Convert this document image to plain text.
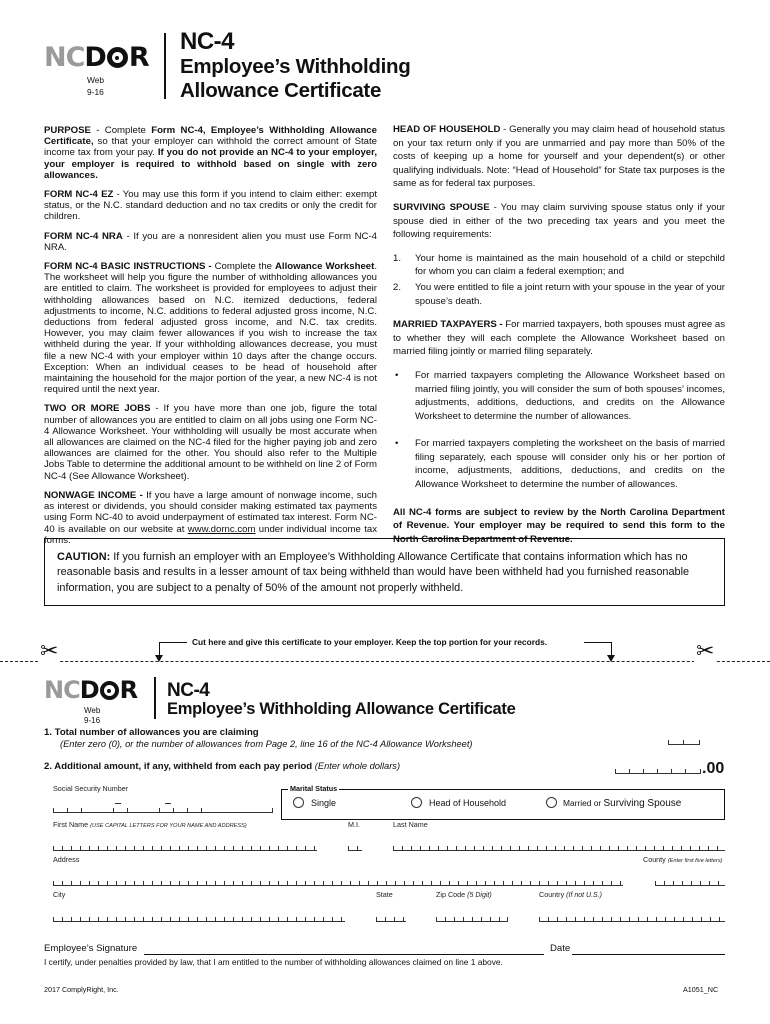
NCD R
Web
9-16
NC-4
Employee’s Withholding
Allowance Certificate

PURPOSE - Complete Form NC-4, Employee’s Withholding Allowance Certificate, so that your employer can withhold the correct amount of State income tax from your pay. If you do not provide an NC-4 to your employer, your employer is required to withhold based on single with zero allowances.

FORM NC-4 EZ - You may use this form if you intend to claim either: exempt status, or the N.C. standard deduction and no tax credits or only the credit for children.

FORM NC-4 NRA - If you are a nonresident alien you must use Form NC-4 NRA.

FORM NC-4 BASIC INSTRUCTIONS - Complete the Allowance Worksheet. The worksheet will help you figure the number of withholding allowances you are entitled to claim. The worksheet is provided for employees to adjust their withholding allowances based on N.C. itemized deductions, federal adjustments to income, N.C. additions to federal adjusted gross income, N.C. deductions from federal adjusted gross income, and N.C. tax credits. However, you may claim fewer allowances if you wish to increase the tax withheld during the year. If your withholding allowances decrease, you must file a new NC-4 with your employer within 10 days after the change occurs. Exception: When an individual ceases to be head of household after maintaining the household for the major portion of the year, a new NC-4 is not required until the next year.

TWO OR MORE JOBS - If you have more than one job, figure the total number of allowances you are entitled to claim on all jobs using one Form NC-4 Allowance Worksheet. Your withholding will usually be most accurate when all allowances are claimed on the NC-4 filed for the higher paying job and zero allowances are claimed for the other. You should also refer to the Multiple Jobs Table to determine the additional amount to be withheld on line 2 of Form NC-4 (See Allowance Worksheet).

NONWAGE INCOME - If you have a large amount of nonwage income, such as interest or dividends, you should consider making estimated tax payments using Form NC-40 to avoid underpayment of estimated tax interest. Form NC-40 is available on our website at www.dornc.com under individual income tax forms.

HEAD OF HOUSEHOLD - Generally you may claim head of household status on your tax return only if you are unmarried and pay more than 50% of the costs of keeping up a home for yourself and your dependent(s) or other qualifying individuals. Note: “Head of Household” for State tax purposes is the same as for federal tax purposes.

SURVIVING SPOUSE - You may claim surviving spouse status only if your spouse died in either of the two preceding tax years and you meet the following requirements:

1. Your home is maintained as the main household of a child or stepchild for whom you can claim a federal exemption; and
2. You were entitled to file a joint return with your spouse in the year of your spouse’s death.

MARRIED TAXPAYERS - For married taxpayers, both spouses must agree as to whether they will each complete the Allowance Worksheet based on married filing jointly or married filing separately.

• For married taxpayers completing the Allowance Worksheet based on married filing jointly, you will consider the sum of both spouses’ incomes, adjustments, additions, deductions, and credits on the Allowance Worksheet to determine the number of allowances.
• For married taxpayers completing the worksheet on the basis of married filing separately, each spouse will consider only his or her portion of income, adjustments, additions, deductions, and credits on the Allowance Worksheet to determine the number of allowances.

All NC-4 forms are subject to review by the North Carolina Department of Revenue. Your employer may be required to send this form to the North Carolina Department of Revenue.

CAUTION: If you furnish an employer with an Employee’s Withholding Allowance Certificate that contains information which has no reasonable basis and results in a lesser amount of tax being withheld than would have been withheld had you furnished reasonable information, you are subject to a penalty of 50% of the amount not properly withheld.
Cut here and give this certificate to your employer. Keep the top portion for your records.
✂	✂
NCD R
Web
9-16
NC-4
Employee’s Withholding Allowance Certificate
1. Total number of allowances you are claiming
(Enter zero (0), or the number of allowances from Page 2, line 16 of the NC-4 Allowance Worksheet)
2. Additional amount, if any, withheld from each pay period (Enter whole dollars)	.00
Social Security Number	Marital Status
Single	Head of Household	Married or Surviving Spouse
First Name (USE CAPITAL LETTERS FOR YOUR NAME AND ADDRESS)	M.I.	Last Name
Address	County (Enter first five letters)
City	State	Zip Code (5 Digit)	Country (If not U.S.)
Employee’s Signature	Date
I certify, under penalties provided by law, that I am entitled to the number of withholding allowances claimed on line 1 above.
2017 ComplyRight, Inc.	A1051_NC
